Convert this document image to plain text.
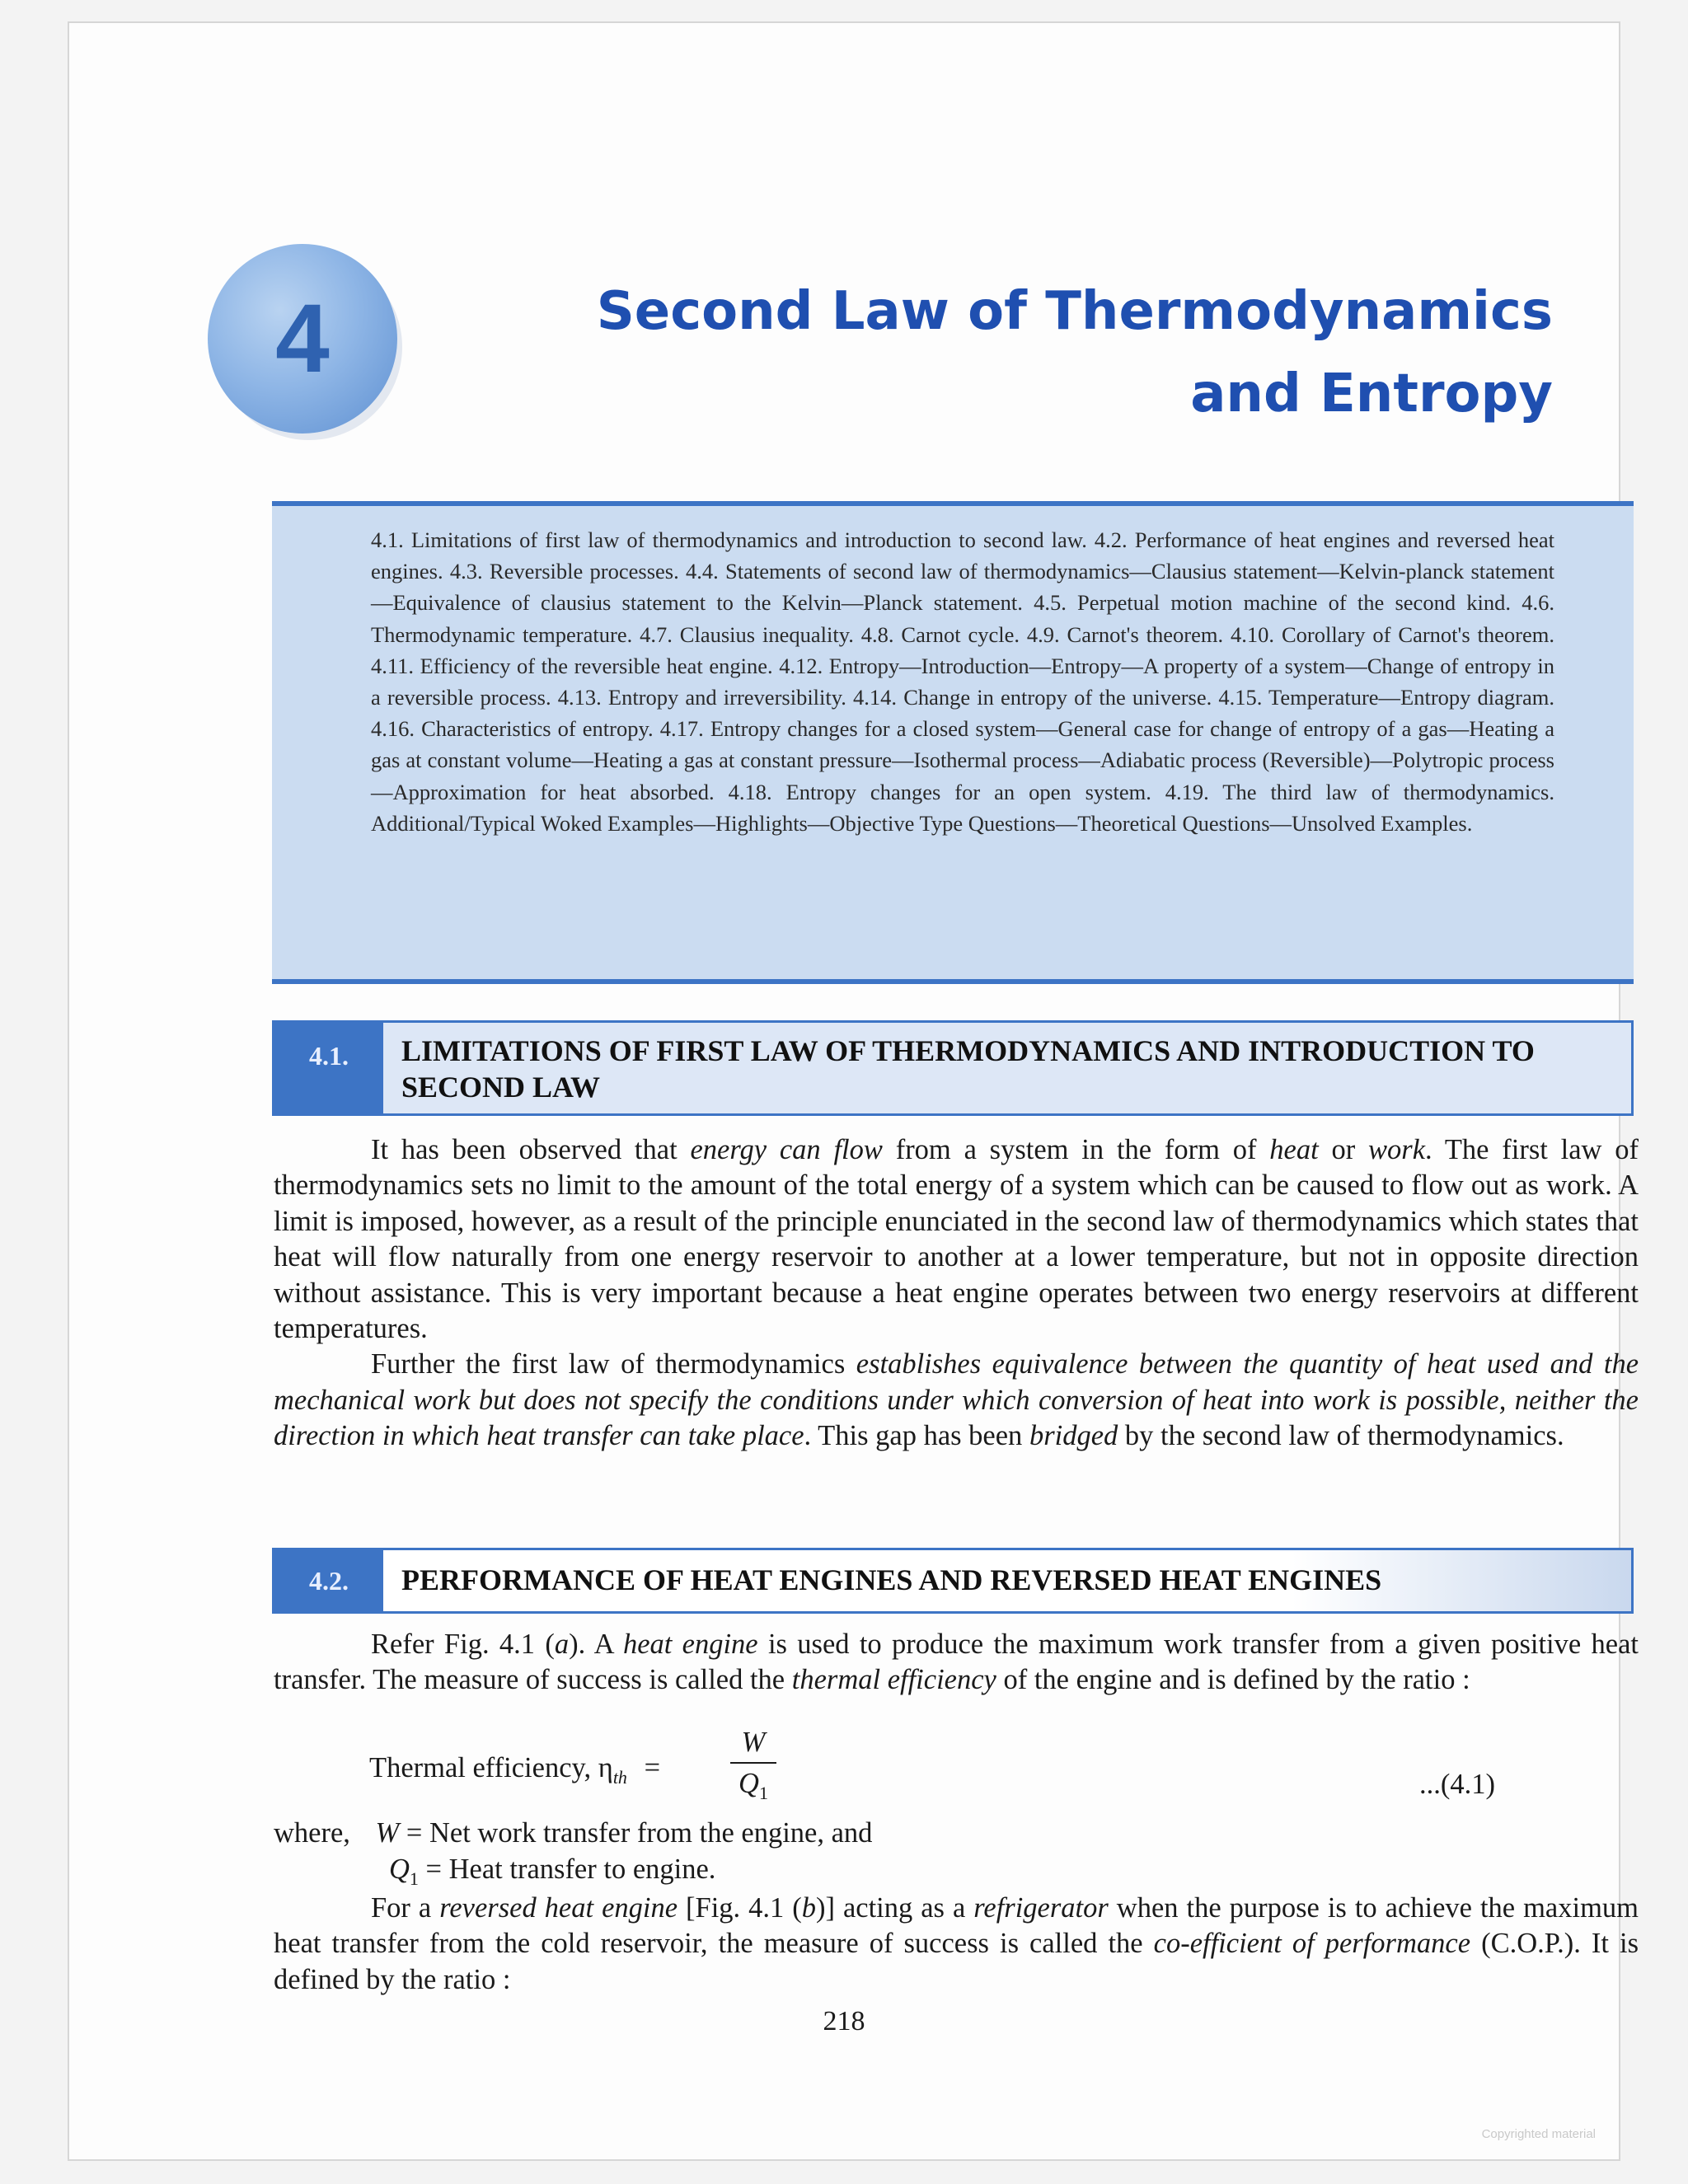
4	Second Law of Thermodynamics
and Entropy
4.1. Limitations of first law of thermodynamics and introduction to second law. 4.2. Performance of heat engines and reversed heat engines. 4.3. Reversible processes. 4.4. Statements of second law of thermodynamics—Clausius statement—Kelvin-planck statement—Equivalence of clausius statement to the Kelvin—Planck statement. 4.5. Perpetual motion machine of the second kind. 4.6. Thermodynamic temperature. 4.7. Clausius inequality. 4.8. Carnot cycle. 4.9. Carnot's theorem. 4.10. Corollary of Carnot's theorem. 4.11. Efficiency of the reversible heat engine. 4.12. Entropy—Introduction—Entropy—A property of a system—Change of entropy in a reversible process. 4.13. Entropy and irreversibility. 4.14. Change in entropy of the universe. 4.15. Temperature—Entropy diagram. 4.16. Characteristics of entropy. 4.17. Entropy changes for a closed system—General case for change of entropy of a gas—Heating a gas at constant volume—Heating a gas at constant pressure—Isothermal process—Adiabatic process (Reversible)—Polytropic process—Approximation for heat absorbed. 4.18. Entropy changes for an open system. 4.19. The third law of thermodynamics. Additional/Typical Woked Examples—Highlights—Objective Type Questions—Theoretical Questions—Unsolved Examples.
4.1.	LIMITATIONS OF FIRST LAW OF THERMODYNAMICS AND INTRODUCTION TO SECOND LAW

It has been observed that energy can flow from a system in the form of heat or work. The first law of thermodynamics sets no limit to the amount of the total energy of a system which can be caused to flow out as work. A limit is imposed, however, as a result of the principle enunciated in the second law of thermodynamics which states that heat will flow naturally from one energy reservoir to another at a lower temperature, but not in opposite direction without assistance. This is very important because a heat engine operates between two energy reservoirs at different temperatures.

Further the first law of thermodynamics establishes equivalence between the quantity of heat used and the mechanical work but does not specify the conditions under which conversion of heat into work is possible, neither the direction in which heat transfer can take place. This gap has been bridged by the second law of thermodynamics.

4.2.	PERFORMANCE OF HEAT ENGINES AND REVERSED HEAT ENGINES

Refer Fig. 4.1 (a). A heat engine is used to produce the maximum work transfer from a given positive heat transfer. The measure of success is called the thermal efficiency of the engine and is defined by the ratio :

Thermal efficiency, $\eta_{th} = \frac{W}{Q_1}$	...(4.1)
where, W = Net work transfer from the engine, and
$Q_1$ = Heat transfer to engine.

For a reversed heat engine [Fig. 4.1 (b)] acting as a refrigerator when the purpose is to achieve the maximum heat transfer from the cold reservoir, the measure of success is called the co-efficient of performance (C.O.P.). It is defined by the ratio :

218
Copyrighted material
